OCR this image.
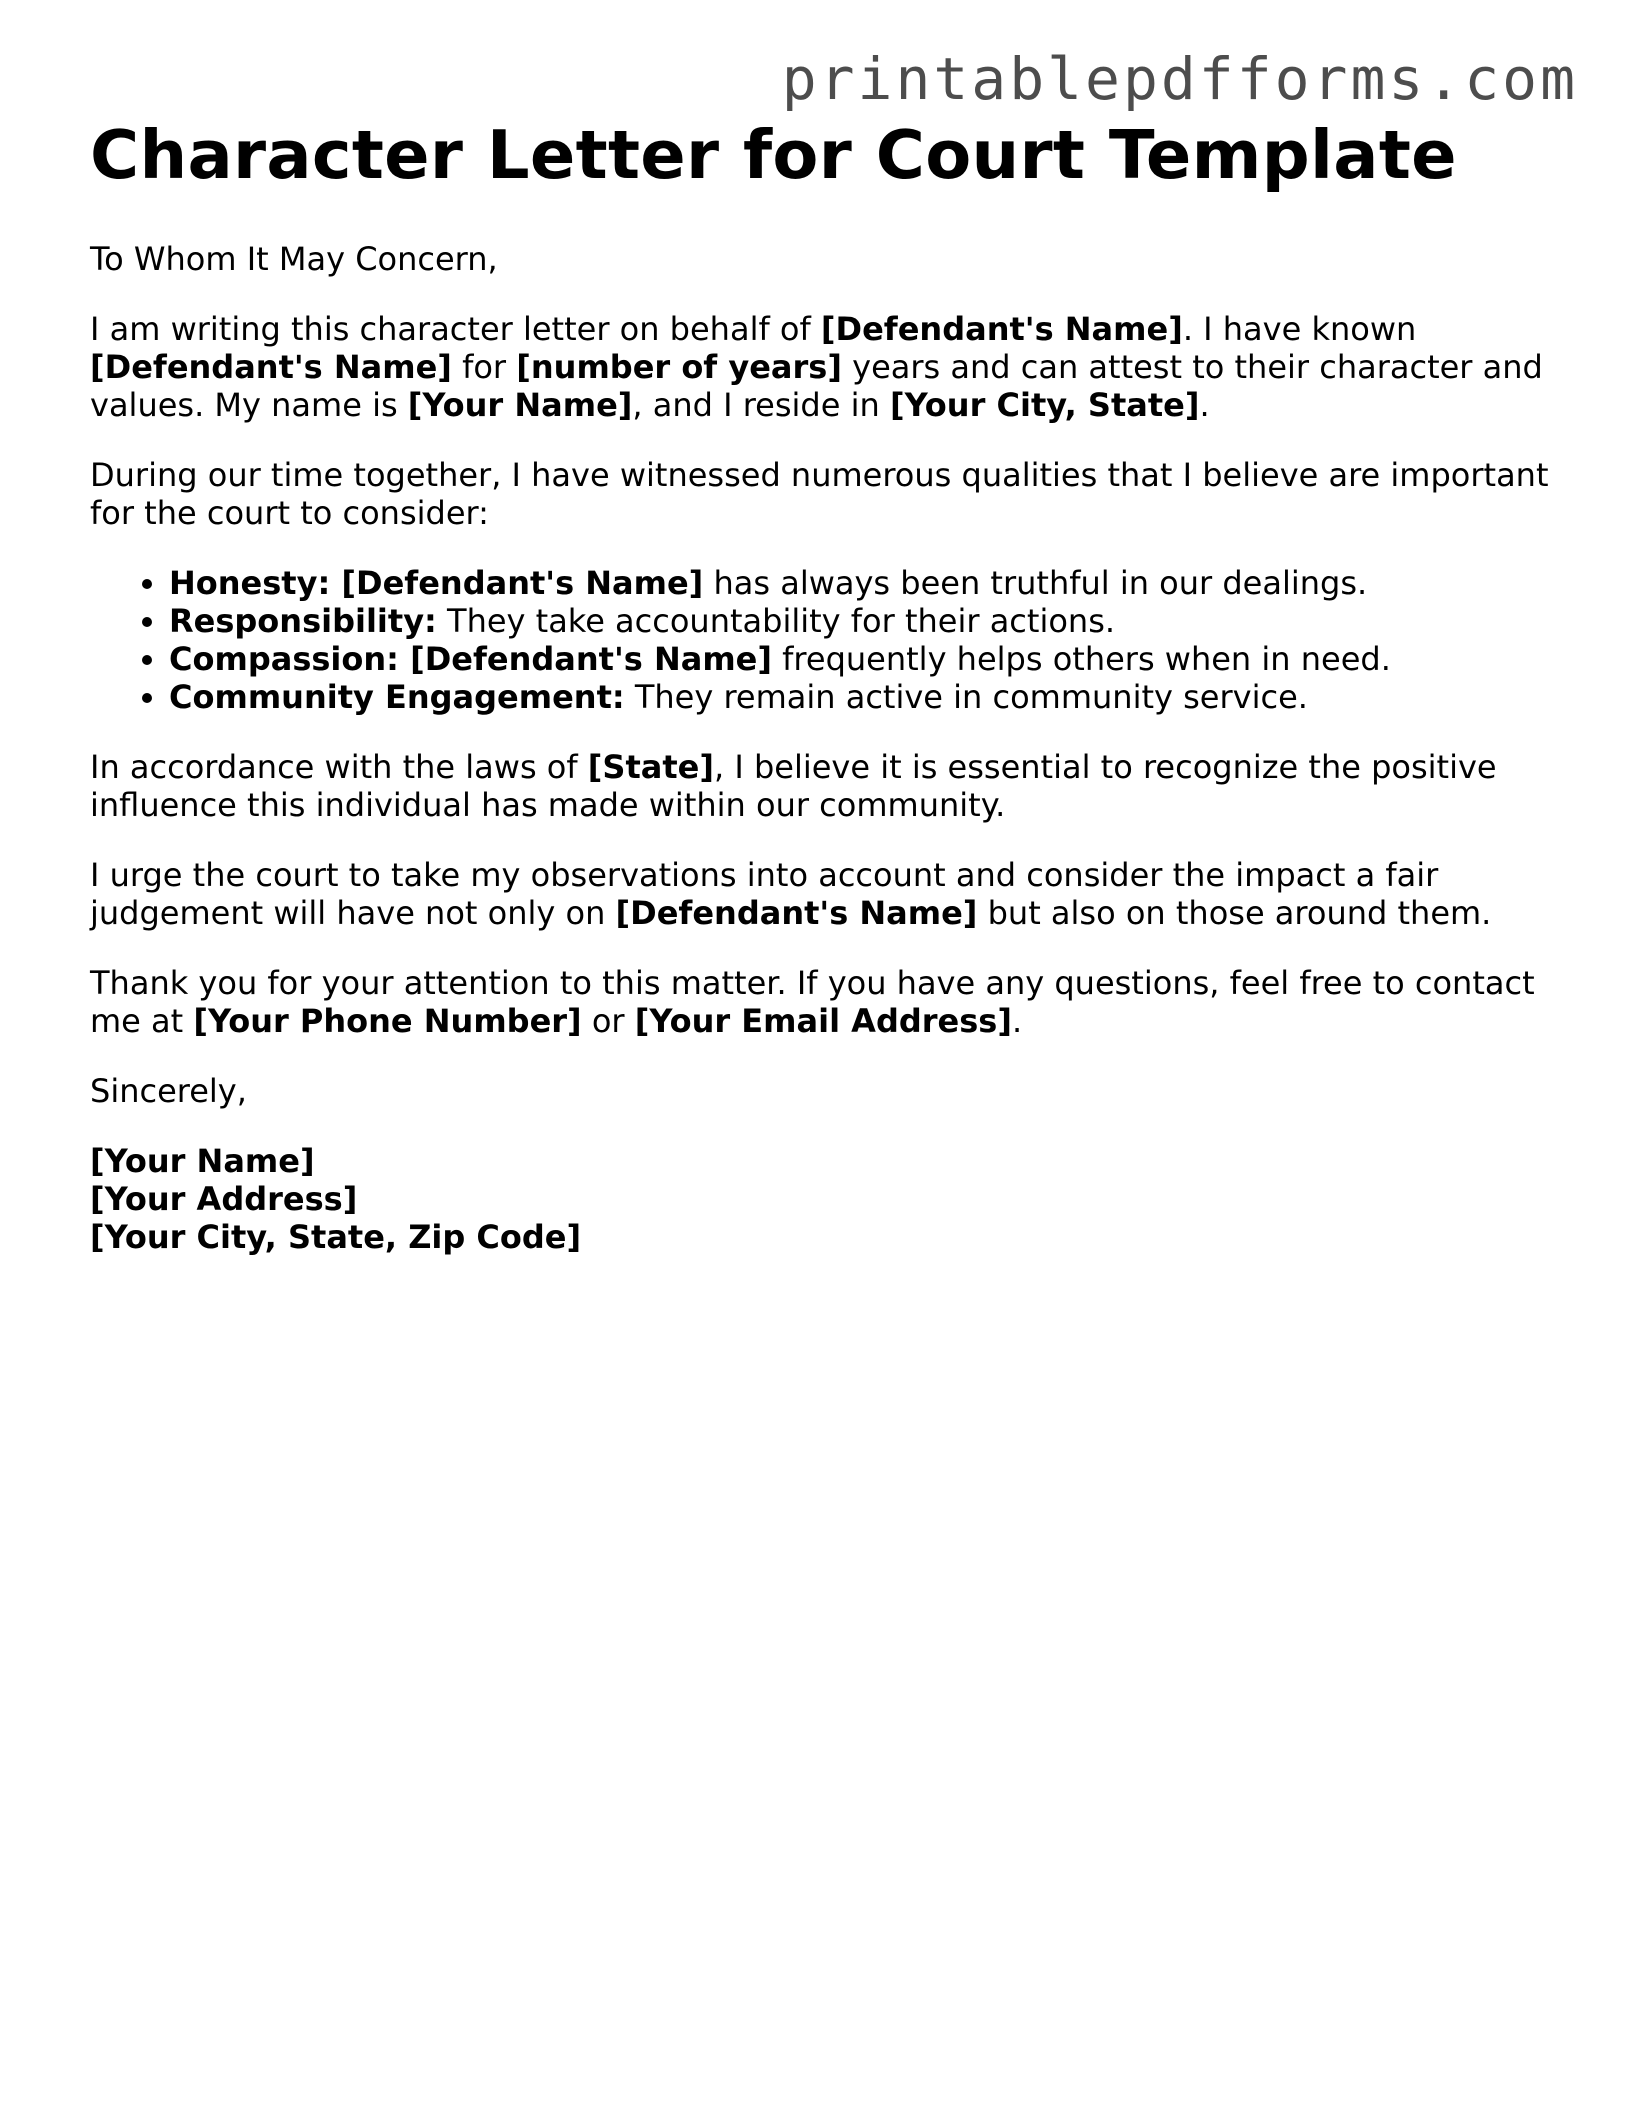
printablepdfforms.com
Character Letter for Court Template

To Whom It May Concern,

I am writing this character letter on behalf of [Defendant's Name]. I have known [Defendant's Name] for [number of years] years and can attest to their character and values. My name is [Your Name], and I reside in [Your City, State].

During our time together, I have witnessed numerous qualities that I believe are important for the court to consider:

• Honesty: [Defendant's Name] has always been truthful in our dealings.
• Responsibility: They take accountability for their actions.
• Compassion: [Defendant's Name] frequently helps others when in need.
• Community Engagement: They remain active in community service.

In accordance with the laws of [State], I believe it is essential to recognize the positive influence this individual has made within our community.

I urge the court to take my observations into account and consider the impact a fair judgement will have not only on [Defendant's Name] but also on those around them.

Thank you for your attention to this matter. If you have any questions, feel free to contact me at [Your Phone Number] or [Your Email Address].

Sincerely,

[Your Name]
[Your Address]
[Your City, State, Zip Code]
